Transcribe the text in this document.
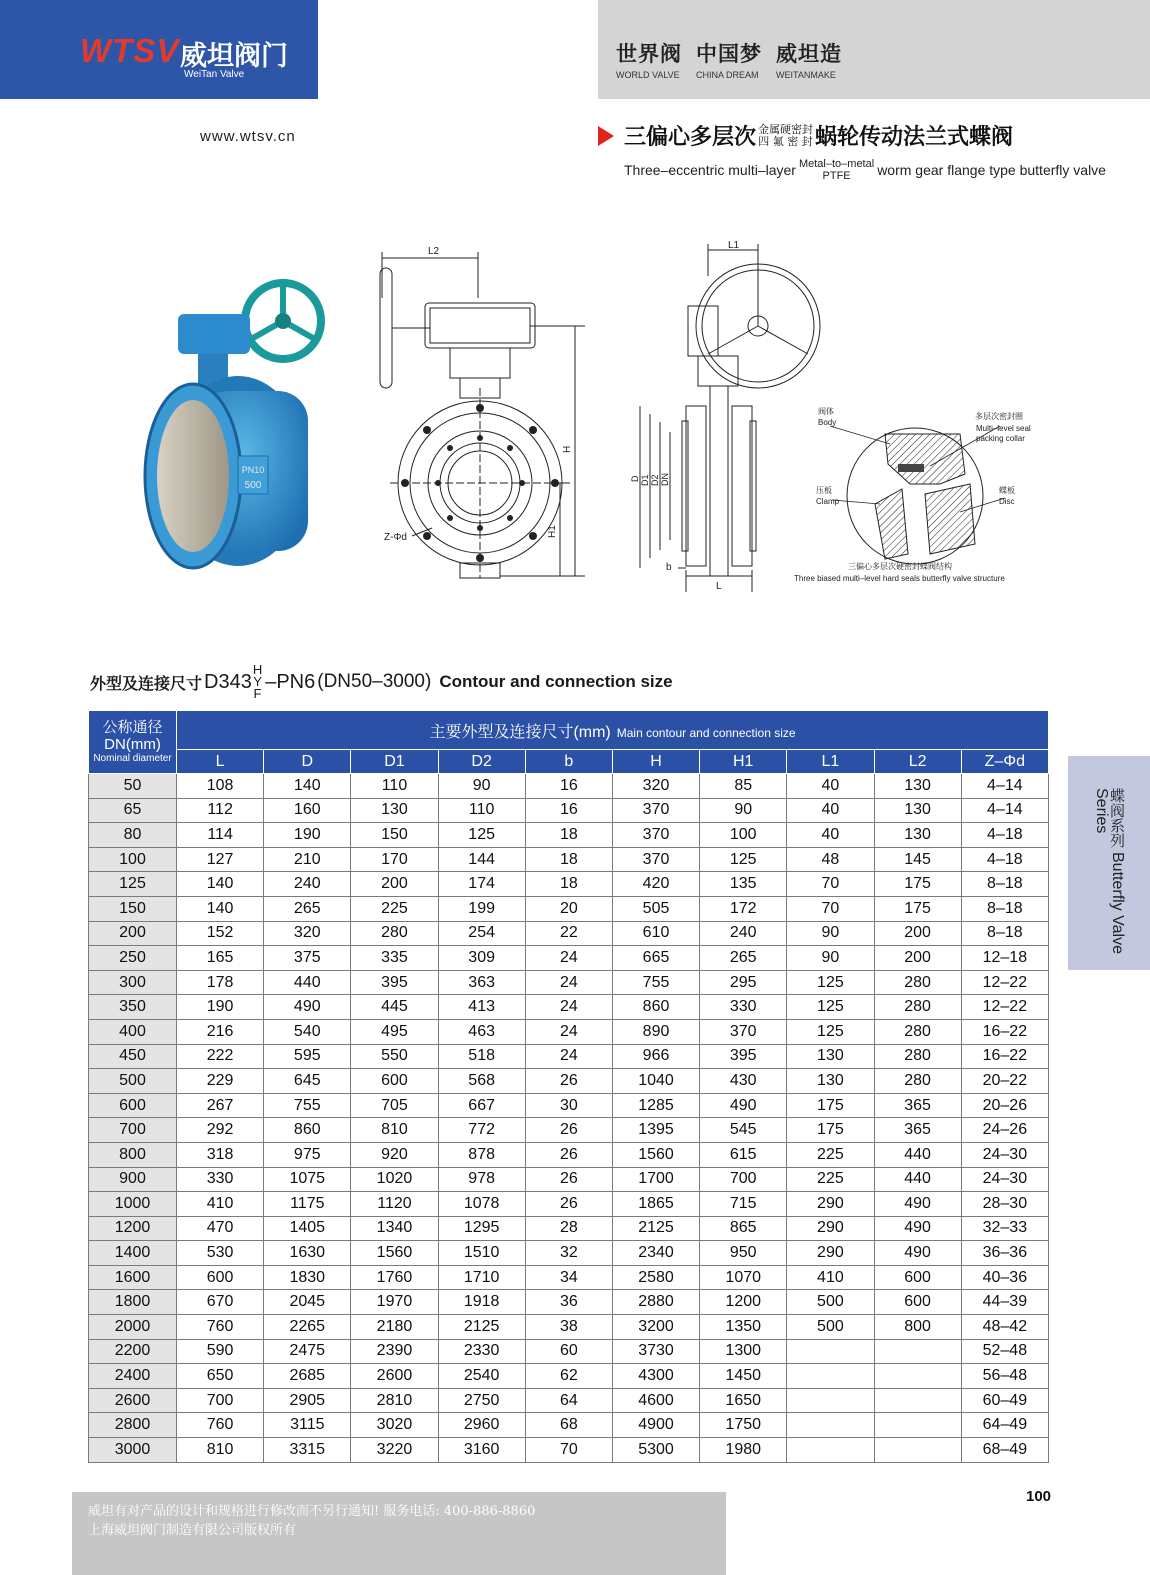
WTSV 威坦阀门
WeiTan Valve
世界阀
WORLD VALVE
中国梦
CHINA DREAM
威坦造
WEITANMAKE
www.wtsv.cn	三偏心多层次 金属硬密封
四 氟 密 封 蜗轮传动法兰式蝶阀
Three–eccentric multi–layer Metal–to–metal
PTFE	worm gear flange type butterfly valve
PN10
500
L2
H
H1
Z-Φd
L1
L
b
D D1 D2 DN
阀体
Body
多层次密封圈
Multi–level seal
packing collar
压板
Clamp
蝶板
Disc
三偏心多层次硬密封蝶阀结构
Three biased multi–level hard seals butterfly valve structure
外型及连接尺寸 D343
H
Y
F
–PN6 (DN50–3000) Contour and connection size
公称通径
DN(mm)
Nominal diameter	主要外型及连接尺寸(mm) Main contour and connection size									
	L	D	D1	D2	b	H	H1	L1	L2	Z–Φd
50	108	140	110	90	16	320	85	40	130	4–14
65	112	160	130	110	16	370	90	40	130	4–14
80	114	190	150	125	18	370	100	40	130	4–18
100	127	210	170	144	18	370	125	48	145	4–18
125	140	240	200	174	18	420	135	70	175	8–18
150	140	265	225	199	20	505	172	70	175	8–18
200	152	320	280	254	22	610	240	90	200	8–18
250	165	375	335	309	24	665	265	90	200	12–18
300	178	440	395	363	24	755	295	125	280	12–22
350	190	490	445	413	24	860	330	125	280	12–22
400	216	540	495	463	24	890	370	125	280	16–22
450	222	595	550	518	24	966	395	130	280	16–22
500	229	645	600	568	26	1040	430	130	280	20–22
600	267	755	705	667	30	1285	490	175	365	20–26
700	292	860	810	772	26	1395	545	175	365	24–26
800	318	975	920	878	26	1560	615	225	440	24–30
900	330	1075	1020	978	26	1700	700	225	440	24–30
1000	410	1175	1120	1078	26	1865	715	290	490	28–30
1200	470	1405	1340	1295	28	2125	865	290	490	32–33
1400	530	1630	1560	1510	32	2340	950	290	490	36–36
1600	600	1830	1760	1710	34	2580	1070	410	600	40–36
1800	670	2045	1970	1918	36	2880	1200	500	600	44–39
2000	760	2265	2180	2125	38	3200	1350	500	800	48–42
2200	590	2475	2390	2330	60	3730	1300			52–48
2400	650	2685	2600	2540	62	4300	1450			56–48
2600	700	2905	2810	2750	64	4600	1650			60–49
2800	760	3115	3020	2960	68	4900	1750			64–49
3000	810	3315	3220	3160	70	5300	1980			68–49
蝶阀系列Butterfly Valve Series
威坦有对产品的设计和规格进行修改而不另行通知! 服务电话: 400-886-8860
上海威坦阀门制造有限公司版权所有
100
